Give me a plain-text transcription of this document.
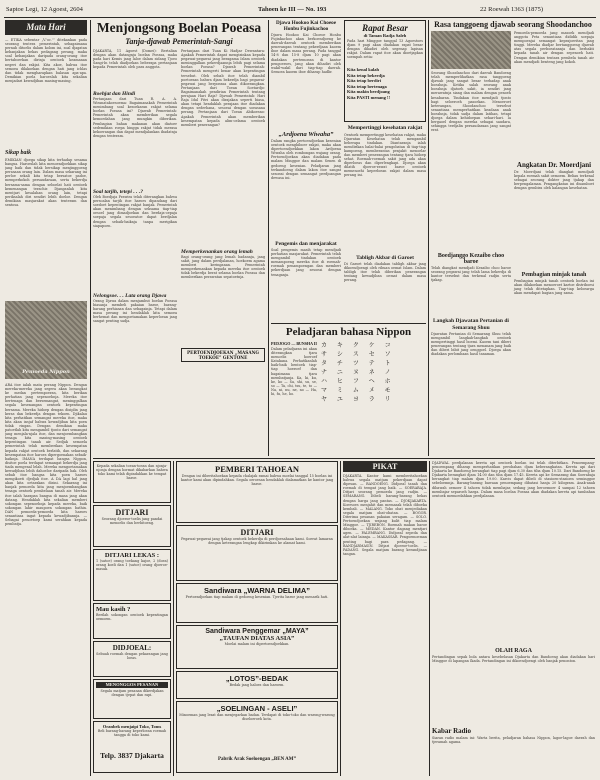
Saptoe Legi, 12 Agoest, 2604	Tahoen ke III — No. 193	22 Roewah 1363 (1875)
Mata Hari
— ETIKA sebentar „V.'oc.'” ditekankan pada seorang tentera pemerintah, sebagaimana pernah ditoelis dalam kolom ini, soal djagatan kebanjakan bekas pedagang perang, maka soal kebanjakan daripada orang-orang itoe bertaboerkan dirinja oentoek keamanan negeri dan rakjat. Kita akoe, bahwa itoe semoea dilakoekan dengan hati jang ichlas dan tidak mengharapkan balasan apa-apa. Demikian poela haroeslah kita sekalian menjadari kewadjiban masing-masing.
Sikap baik
EMIKIAN djoega sikap kita terhadap sesama bangsa. Haroeslah kita menoendjoekkan sikap jang baik dan tidak bersikap menjinggoeng perasaan orang lain. Dalam masa sekarang ini perloe sekali kita tetap bersatoe padoe, memperkokoh persaudaraan, serta bekerdja bersama-sama dengan seboelat hati oentoek kemenangan terachir. Djanganlah kita mentjari kesalahan orang lain, tetapi periksalah diri sendiri lebih doeloe. Dengan demikian masjarakat akan tenteram dan sentosa.
Pemoeda Nippon
ARA itoe ialah mata perang Nippon. Dengan mereka-mereka jang segera akan berangkat ke medan pertempoeran, kita berikan perhatian jang sepenoehnja. Mereka itoe bertenaga dan bersemangat, meninggalkan segala kesenangan oentoek kepentingan bersama. Mereka hidoep dengan disiplin jang keras dan bekerdja dengan tekoen. Djikalau kita perhatikan semangat mereka itoe, maka kita akan insjaf bahwa kewadjiban kita poen tidak ringan. Dengan demikian maka patoetlah kita mengambil tjonto dari semangat jang menjala-njala itoe, dan menjoembangkan tenaga kita masing-masing oentoek kepentingan tanah air. Sedjak semoela pemerintah telah memberikan kesempatan kepada rakjat oentoek berlatih, dan sekarang kesempatan itoe haroes dipergoenakan sebaik-baiknja. IMANA terdapat bangsa Nippon, disitoe poela terdapat semangat bekerdja jang tiada mengenal lelah. Mereka mengoetamakan kewadjiban lebih dahoeloe daripada hak. Oleh sebab itoe bangsa kita poen haroes mengikoeti djedjak itoe. A DA lagi hal jang akan kita oetarakan disini. Sekarang ini banjak pemoeda kita jang menjoembangkan tenaga oentoek pembelaan tanah air. Mereka itoe ialah harapan bangsa di masa jang akan datang. Hendaklah kita sekalian memberi sokongan sepenoehnja kepada mereka, baik sokongan lahir maupoen sokongan bathin. DAN pemoeda-pemoeda kita haroes senantiasa ingat kepada kewadjibannja. — Sebagai penoetoep kami serahkan kepada pembatja.
Menjongsong Boelan Poeasa
Tanja-djawab Pemerintah-Sangi
DJAKARTA, 11 Agoest (Domei): Bertalian dengan akan datangnja boelan Poeasa, maka pada hari Kemis jang laloe dalam sidang Tjoeo Sangi-In telah diadjoekan beberapa pertanjaan kepada Pemerintah oleh para anggota.
Roehjat dan Hindi
Pertanjaan dari Tuan R. A. A. Wiranatakoesoema: Bagaimanakah Pemerintah menimbang soal kesoekaran rakjat selama boelan Poeasa ini? Djawab Pemerintah: Pemerintah akan memberikan segala kemoedahan jang mungkin diberikan. Pembagian bahan makanan akan diatoer sedemikian roepa hingga rakjat tidak merasa kekoerangan dan dapat mendjalankan ibadatnja dengan tenteram.
Soal tarjih, tetepi . . .?
Oleh Boedjaja Prawira telah diterangkan bahwa persoalan tarjih itoe haroes dipandang dari soedoet kepentingan rakjat banjak. Pemerintah akan menimbang dengan seksama tiap-tiap oesoel jang dimadjoekan dan berdaja-oepaja soepaja segala sesoeatoe dapat berdjalan dengan sebaik-baiknja tanpa merigikan siapapoen.
Nelongsoe. . . Lata orang Djawa
Orang Djawa dalam menjambut boelan Poeasa biasanja membeli pakaian baroe, barang-barang perhiasan dan sebagainja. Tetapi dalam masa perang ini hendaklah kita semoea berhemat dan mengoetamakan keperloean jang sangat penting sadja.
Pertanjaan dari Tuan Ki Hadjar Dewantara: Apakah Pemerintah dapat mengizinkan kepada pegawai-pegawai jang beragama Islam oentoek meninggalkan pekerdjaannja lebih pagi selama boelan Poeasa? Djawab Pemerintah: Pemerintah mengerti benar akan kepentingan tersebut. Oleh sebab itoe telah diambil poetoesan bahwa djam bekerdja bagi pegawai-pegawai jang berpoeasa akan dikoerangkan. Pertanjaan dari Toean Soetardjo: Bagaimanakah pendirian Pemerintah tentang perajaan Hari Raja? Djawab Pemerintah: Hari Raja Idul Fitri akan dirajakan seperti biasa, akan tetapi hendaklah perajaan itoe diadakan dengan sederhana, sesoeai dengan soeasana perang. Pertanjaan dari Toean Abikoesno: Apakah Pemerintah akan memberikan kesempatan kepada alim-oelama oentoek memberi penerangan?
Memperkenankan orang lemah
Bagi orang-orang jang lemah badannja, jang sakit, jang dalam perdjalanan, hoekoem agama memberi keringanan. Pemerintah memperkenankan kepada mereka itoe oentoek tidak bekerdja berat selama boelan Poeasa dan memberikan perawatan sepatoetnja.
PERTOENDJOEKAN „MASANG TOEKOE” GENTONE
Djawa Hookoo Kai Choeoe Honbu Fujinkachoo
Djawa Hookoo Kai Choeoe Honbu Fujinkachoo akan berkoendjoeng ke daerah-daerah oentoek memberikan penerangan tentang pekerdjaan kaoem iboe dalam masa perang. Pada tanggal 14-8 dan 15-8 djam 10 pagi akan diadakan pertemoean di kantor pengoeroes, jang akan dihadiri oleh wakil-wakil dari tiap-tiap daerah. Semoea kaoem iboe diharap hadlir.
„Ardjoena Wiwaha”
Dalam rangka pertoendjoekan kesenian oentoek menghiboer rakjat, maka akan dipertoendjoekkan lakon Ardjoena Wiwaha oleh rombongan wajang orang. Pertoendjoekan akan diadakan pada malam Minggoe dan malam Senen di gedoeng kesenian. Peladjaran jang terkandoeng dalam lakon itoe sangat sesoeai dengan semangat perdjoangan dewasa ini.
Pengemis dan menjarakat
Soal pengemis masih tetap mendjadi perhatian masjarakat. Pemerintah telah mengambil tindakan oentoek menampoeng mereka itoe di roemah-roemah penampoengan dan memberi pekerdjaan jang sesoeai dengan tenaganja.
Rapat Besar
di Taman Radja Saleh
Pada hari Minggoe tanggal 13 Agoestoes djam 9 pagi akan diadakan rapat besar dengan dihadiri oleh segenap lapisan rakjat. Dalam rapat itoe akan dioetjapkan soempah setia:
Kita kenal kalah
Kita tetap bekerdja
Kita tetap berdiri
Kita tetap bertenaga
Kita makin berdjoang
Kita PASTI menang !!
Mempertinggi kesehatan rakjat
Oentoek mempertinggi kesehatan rakjat, maka Djawatan Kesehatan telah mengambil beberapa tindakan. Diantaranja ialah mendirikan balai-balai pengobatan di tiap-tiap kampoeng, memberantas penjakit menoelar dan memberi penerangan tentang tjara hidoep sehat. Roemah-roemah sakit jang ada akan diperloeas dan diperlengkapi. Djoega akan dilatih djoeroe-rawat baroe oentoek memenoehi keperloean rakjat dalam masa perang ini.
Tabligh Akbar di Garoet
Di Garoet telah diadakan tabligh akbar jang dikoendjoengi oleh ribuan oemat Islam. Dalam tabligh itoe telah diberikan penerangan tentang kewadjiban oemat dalam masa perang.
Peladjaran bahasa Nippon
PEDJOGO — BUNSHA II
Dalam peladjaran ini akan diterangkan tjara menoelis hoeroef Katakana. Perhatikanlah baik-baik bentoek tiap-tiap hoeroef dan bagaimana tjara membatjanja. Ka, ki, ku, ke, ko — Sa, shi, su, se, so — Ta, chi, tsu, te, to — Na, ni, nu, ne, no — Ha, hi, fu, he, ho.
カ キ ク ケ コ
サ シ ス セ ソ
タ チ ツ テ ト
ナ ニ ヌ ネ ノ
ハ ヒ フ ヘ ホ
マ ミ ム メ モ
ヤ ユ ヨ ラ リ
Rasa tanggoeng djawab seorang Shoodanchoo
Seorang Shoodanchoo dari daerah Bandoeng telah memperlihatkan rasa tanggoeng djawab jang sangat besar terhadap anak boeahnja. Ketika salah seorang anak boeahnja djatoeh sakit, ia sendiri jang merawatnja siang dan malam dengan penoeh kesabaran. Tindakan itoe mendjadi tjonto bagi seloeroeh pasoekan. Menoeroet keterangan, Shoodanchoo tersebut senantiasa memperhatikan keadaan anak boeahnja, tidak sadja dalam latihan, tetapi djoega dalam kehidoepan sehari-hari. Ia bergaoel dengan mereka sebagai saudara, sehingga terdjalin persaudaraan jang sangat erat.
Boedjanggo Kezaibo choo baroe
Telah diangkat mendjadi Kezaibo choo baroe seorang pegawai jang telah lama bekerdja di kantor tersebut dan terkenal radjin serta tjakap.
Langkah Djawatan Pertanian di Semarang Shuu
Djawatan Pertanian di Semarang Shuu telah mengambil langkah-langkah oentoek mempertinggi hasil boemi. Kaoem tani diberi penerangan tentang tjara menanam jang baik dan diberi bibit jang oenggoel. Djoega akan diadakan perlombaan hasil tanaman.
Pemoeda-pemoeda jang masoek mendjadi anggota Peta senantiasa dididik soepaja mempoenjai semangat keprajoeritan jang tinggi. Mereka diadjar bertanggoeng djawab atas segala perboeatannja dan berbakti kepada tanah air dengan sepenoeh hati. Dengan demikian tentara pembela tanah air akan mendjadi benteng jang kokoh.
Angkatan Dr. Moerdjani
Dr. Moerdjani telah diangkat mendjadi kepala roemah sakit oemoem. Beliau terkenal sebagai seorang dokter jang tjakap dan berpengalaman. Pengangkatan ini disamboet dengan gembira oleh kalangan kesehatan.
Pembagian minjak tanah
Pembagian minjak tanah oentoek boelan ini akan dilakoekan menoeroet kartoe distriboesi jang telah ditetapkan. Tiap-tiap keloearga akan mendapat bagian jang sama.
Kepada sekalian toean-toean dan njonja-njonja dengan hormat dikabarkan bahwa toko kami telah dipindahkan ke tempat baroe.
DITJARI
Seorang djoeroe-toelis jang pandai menoelis dan berhitoeng.
DITJARI LEKAS :
1 (satoe) orang toekang kajoe, 2 (doea) orang koeli dan 1 (satoe) orang djoeroe-masak.
Mau kasih ?
Berilah sokongan oentoek kepentingan oemoem.
DIDJOEAL:
Sebuah roemah dengan pekarangan jang loeas.
MENONGGOS PESANAN
Segala matjam pesanan dikerdjakan dengan tjepat dan rapi.
Oranbek menjaipi Toko, Toms
Beli barang-barang keperloean roemah tangga di toko kami.
Telp. 3837 Djakarta
PEMBERI TAHOEAN
Dengan ini diberitahoekan kepada chalajak ramai bahwa moelai tanggal 15 boelan ini kantor kami akan dipindahkan. Segala oeroesan hendaklah dialamatkan ke kantor jang baroe.
DITJARI
Pegawai-pegawai jang tjakap oentoek bekerdja di perdjoesahaan kami. Soerat lamaran dengan keterangan lengkap dikirimkan ke alamat kami.
Sandiwara „WARNA DELIMA”
Pertoendjoekan tiap malam di gedoeng kesenian. Tjerita baroe jang menarik hati.
Sandiwara Penggemar „MAYA”
„TAUFAN DIATAS ASIA”
Moelai malam ini dipertoendjoekkan.
„LOTOS”-BEDAK
Bedak jang haloes dan haroem.
„SOELINGAN - ASELI”
Minoeman jang lezat dan menjegarkan badan. Terdapat di toko-toko dan warong-warong diseloeroeh kota.
Pabrik Arak Soeloengan „BEN AM”
PIKAT
DJAKARTA. Kantor kami memberitahoekan bahwa segala matjam pekerdjaan dapat dipesan. — BANDOENG. Didjoeal tanah dan roemah di tempat jang baik. — SOERABAJA. Ditjari seorang pemoeda jang radjin. — SEMARANG. Dibeli barang-barang bekas dengan harga jang pantas. — DJOKJAKARTA. Koersoes menjahit dan memasak telah diboeka kembali. — MALANG. Toko obat menjediakan segala matjam obat-obatan. — BOGOR. Diterima pesanan pakaian seragam. — SOLO. Pertoendjoekan wajang kulit tiap malam Minggoe. — TJIREBON. Roemah makan baroe diboeka. — MEDAN. Kantor dagang mentjari agen. — PALEMBANG. Didjoeal sepeda dan alat-alat lainnja. — MAKASSAR. Pengoemoeman penting bagi para pedagang. — BANDJARMASIN. Ditjari djoeroe-toelis. — PADANG. Segala matjam barang kerandjinan tangan.
DJADWAL perdjalanan kereta api oentoek boelan ini telah diterbitkan. Penoempang-penoempang diharap memperhatikan perobahan djam keberangkatan. Kereta api dari Djakarta ke Bandoeng berangkat tiap pagi djam 6.30 dan tiba djam 10.15. Dari Bandoeng ke Djakarta berangkat djam 14.00 dan tiba djam 17.45. Kereta api ke Semarang dan Soerabaja berangkat tiap malam djam 19.00. Karcis dapat dibeli di stasioen-stasioen seminggoe sebeloemnja. Barang-barang bawaan penoempang dibatasi hanja 20 kilogram. Anak-anak dibawah oemoer 4 tahoen tidak membajar, sedang jang beroemoer 4 sampai 12 tahoen membajar separoeh harga. Dalam masa boelan Poeasa akan diadakan kereta api tambahan oentoek memoedahkan perdjalanan.
OLAH RAGA
Pertandingan sepak bola antara kesebelasan Djakarta dan Bandoeng akan diadakan hari Minggoe di lapangan Ikada. Pertandingan ini dikoendjoengi oleh banjak penonton.
Kabar Radio
Siaran radio malam ini: Warta berita, peladjaran bahasa Nippon, lagoe-lagoe daerah dan tjeramah agama.
